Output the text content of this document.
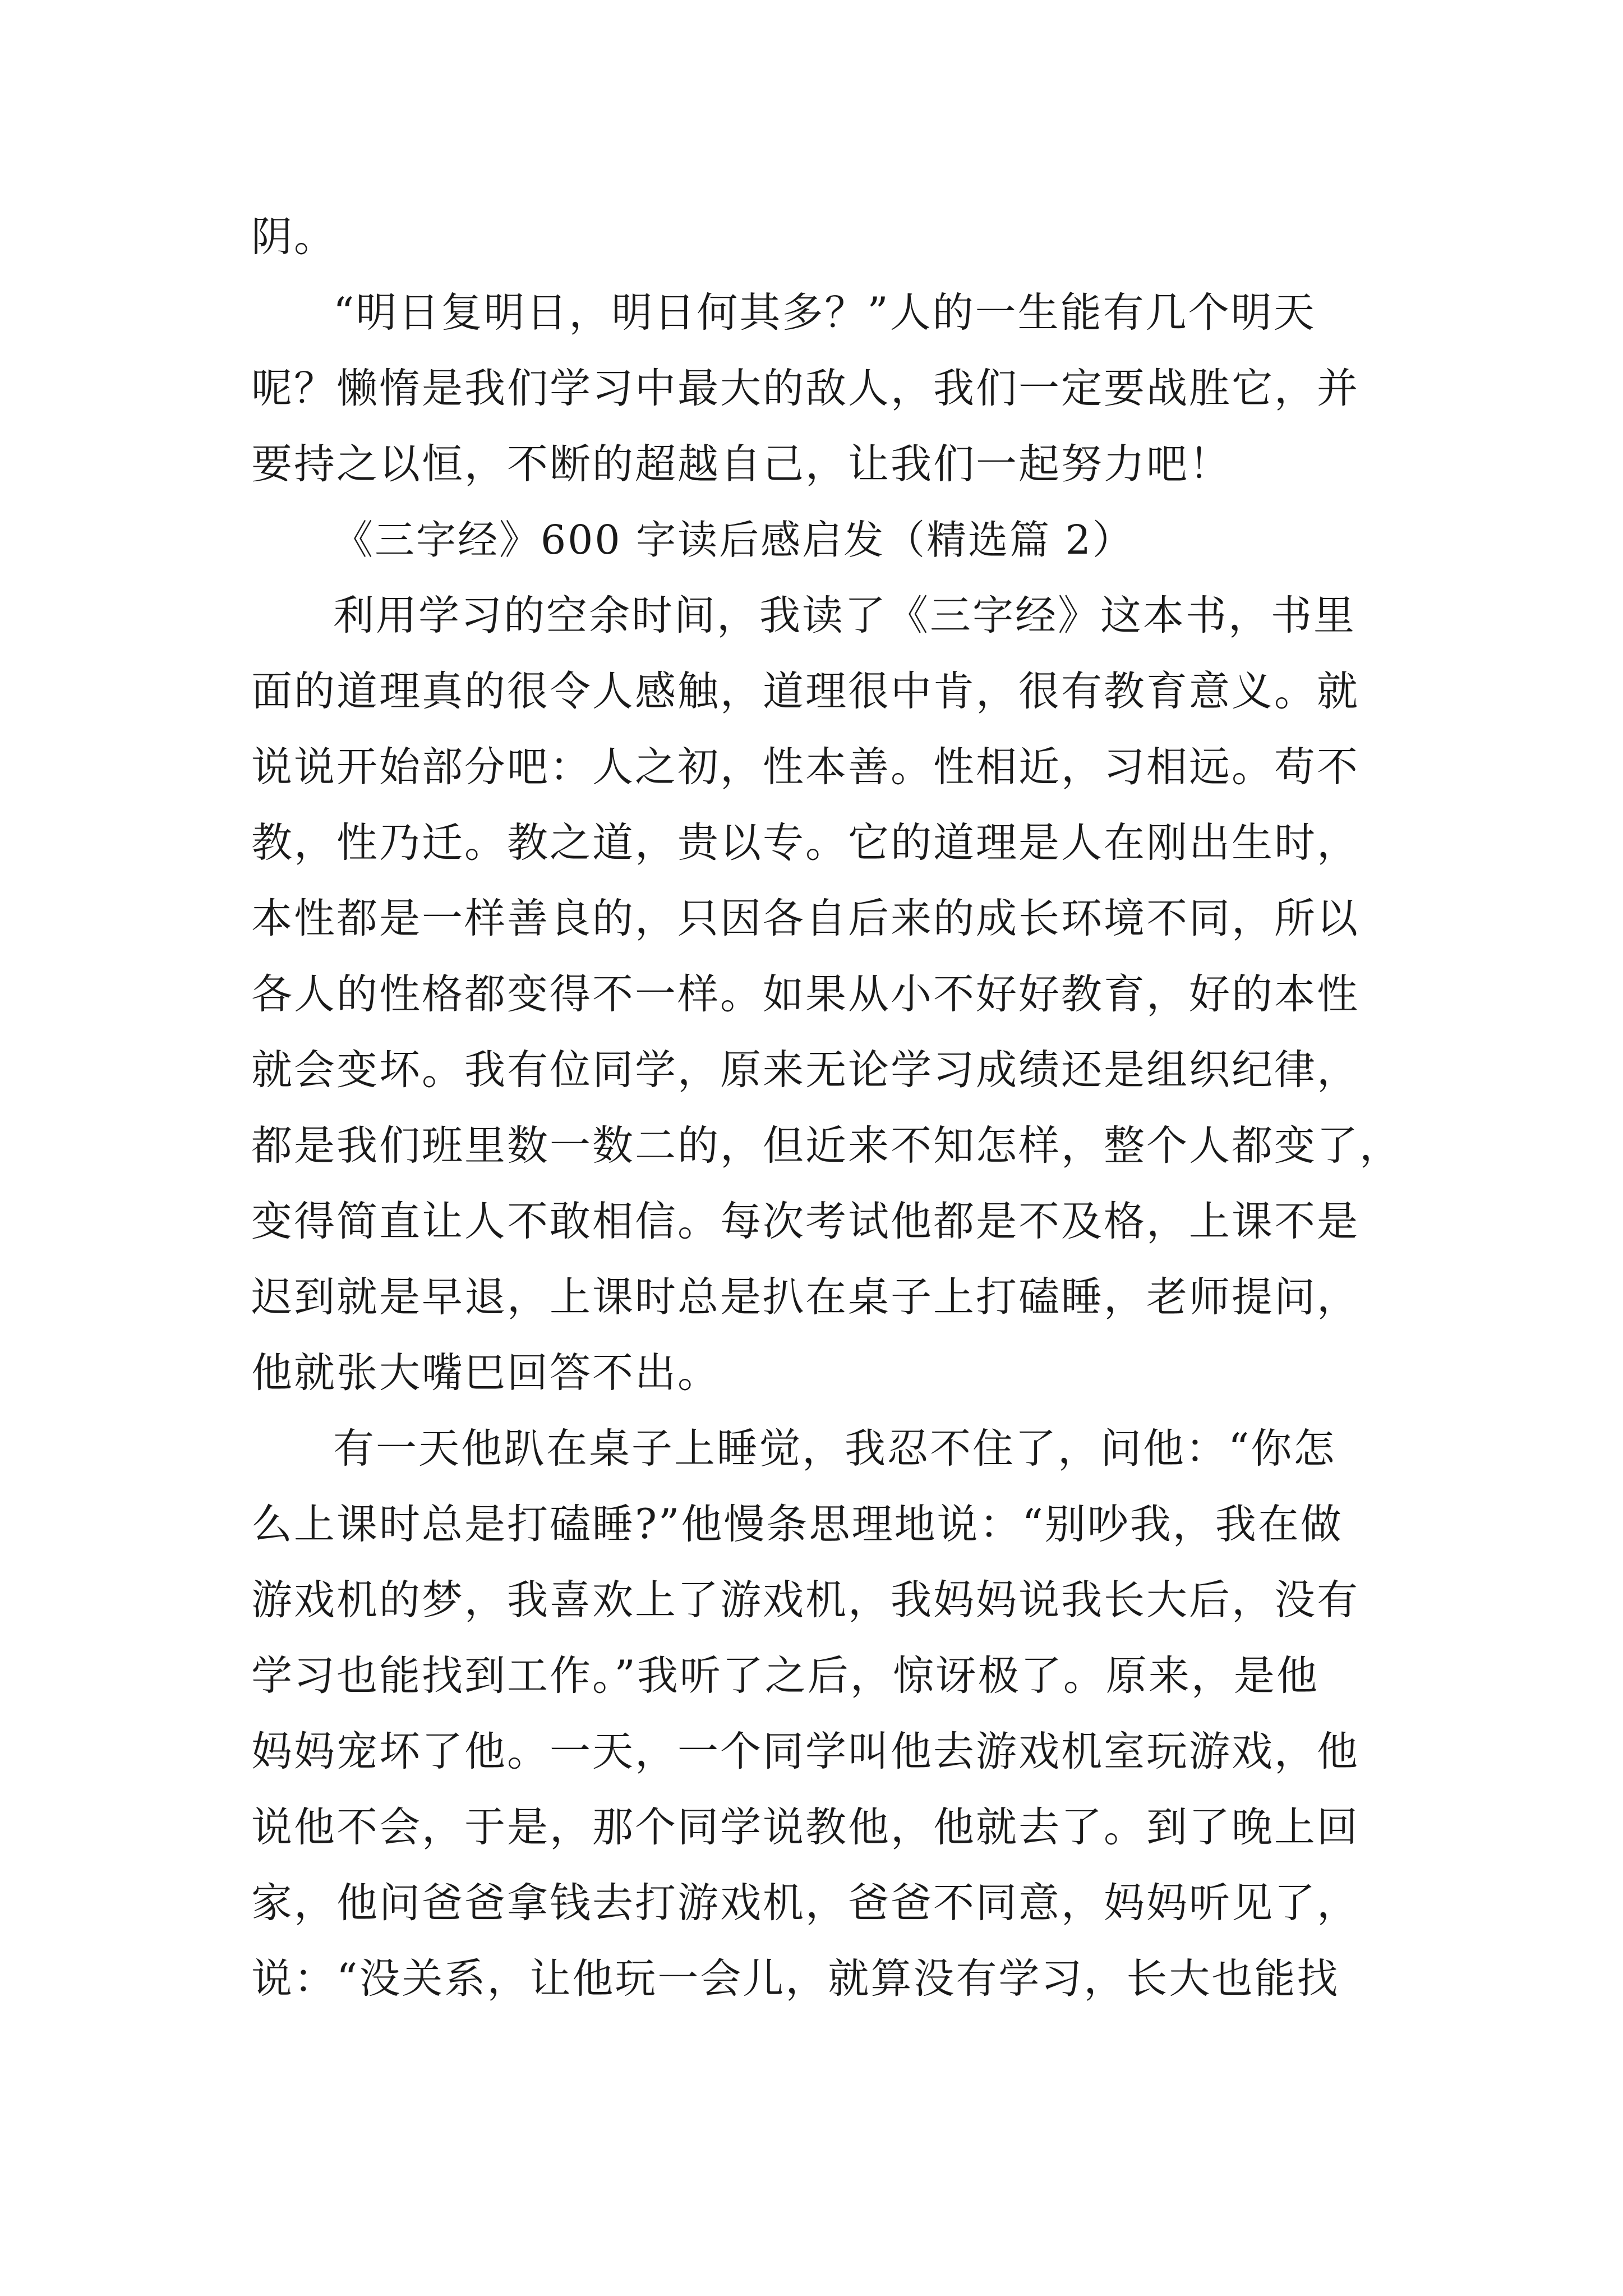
阴。
“明日复明日，明日何其多？”人的一生能有几个明天
呢？懒惰是我们学习中最大的敌人，我们一定要战胜它，并
要持之以恒，不断的超越自己，让我们一起努力吧！
《三字经》600 字读后感启发（精选篇 2）
利用学习的空余时间，我读了《三字经》这本书，书里
面的道理真的很令人感触，道理很中肯，很有教育意义。就
说说开始部分吧：人之初，性本善。性相近，习相远。苟不
教，性乃迁。教之道，贵以专。它的道理是人在刚出生时，
本性都是一样善良的，只因各自后来的成长环境不同，所以
各人的性格都变得不一样。如果从小不好好教育，好的本性
就会变坏。我有位同学，原来无论学习成绩还是组织纪律，
都是我们班里数一数二的，但近来不知怎样，整个人都变了，
变得简直让人不敢相信。每次考试他都是不及格，上课不是
迟到就是早退，上课时总是扒在桌子上打磕睡，老师提问，
他就张大嘴巴回答不出。
有一天他趴在桌子上睡觉，我忍不住了，问他：“你怎
么上课时总是打磕睡?”他慢条思理地说：“别吵我，我在做
游戏机的梦，我喜欢上了游戏机，我妈妈说我长大后，没有
学习也能找到工作。”我听了之后，惊讶极了。原来，是他
妈妈宠坏了他。一天，一个同学叫他去游戏机室玩游戏，他
说他不会，于是，那个同学说教他，他就去了。到了晚上回
家，他问爸爸拿钱去打游戏机，爸爸不同意，妈妈听见了，
说：“没关系，让他玩一会儿，就算没有学习，长大也能找
